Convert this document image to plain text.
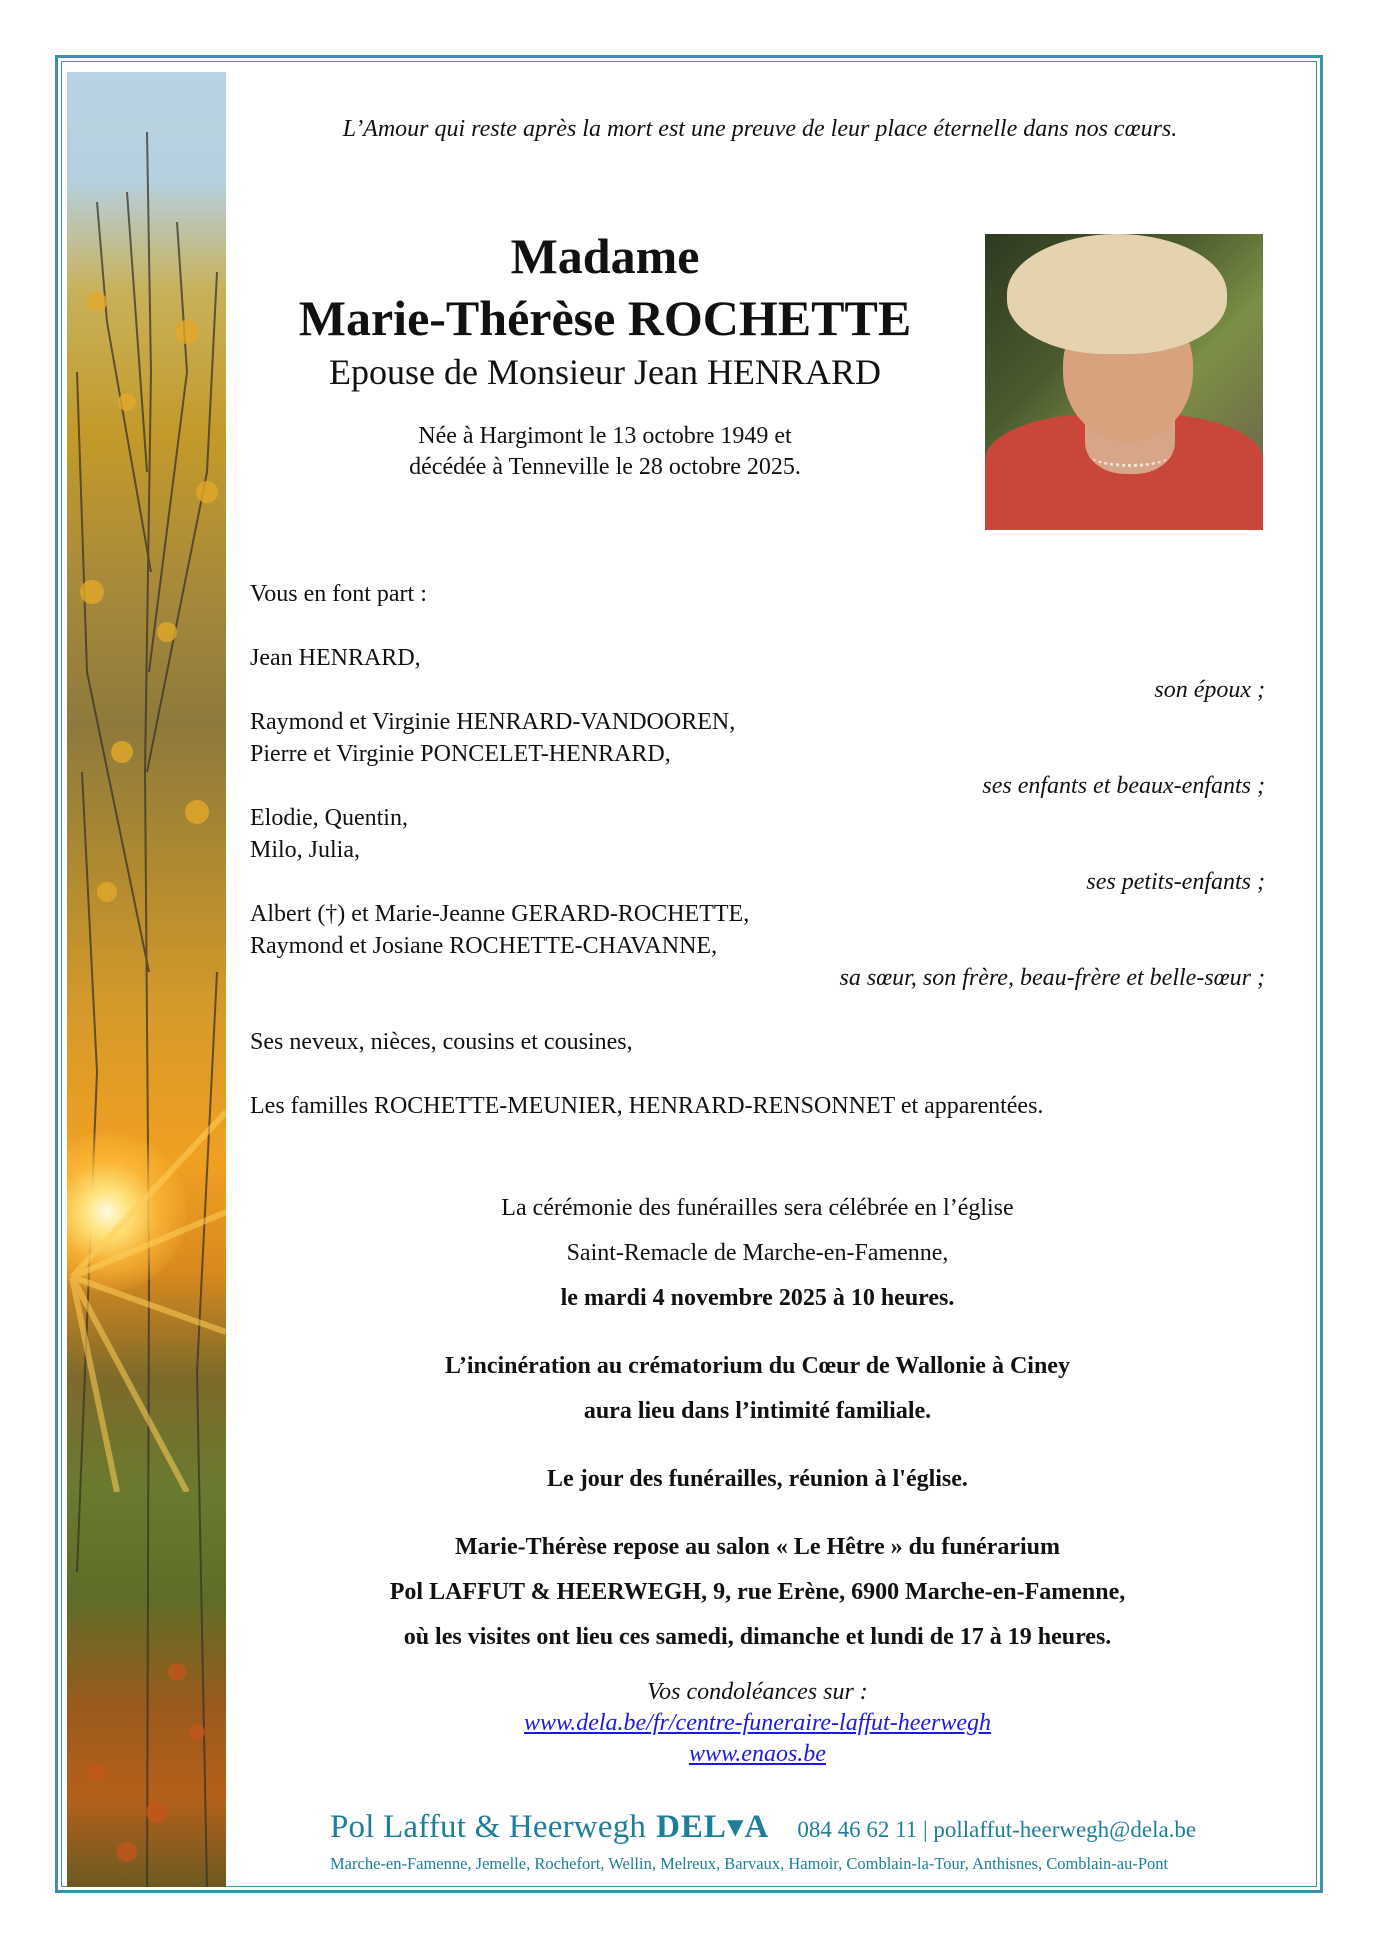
L’Amour qui reste après la mort est une preuve de leur place éternelle dans nos cœurs.
Madame
Marie-Thérèse ROCHETTE
Epouse de Monsieur Jean HENRARD
Née à Hargimont le 13 octobre 1949 et
décédée à Tenneville le 28 octobre 2025.
Vous en font part :
Jean HENRARD,
son époux ;
Raymond et Virginie HENRARD-VANDOOREN,
Pierre et Virginie PONCELET-HENRARD,
ses enfants et beaux-enfants ;
Elodie, Quentin,
Milo, Julia,
ses petits-enfants ;
Albert (†) et Marie-Jeanne GERARD-ROCHETTE,
Raymond et Josiane ROCHETTE-CHAVANNE,
sa sœur, son frère, beau-frère et belle-sœur ;
Ses neveux, nièces, cousins et cousines,
Les familles ROCHETTE-MEUNIER, HENRARD-RENSONNET et apparentées.
La cérémonie des funérailles sera célébrée en l’église
Saint-Remacle de Marche-en-Famenne,
le mardi 4 novembre 2025 à 10 heures.
L’incinération au crématorium du Cœur de Wallonie à Ciney
aura lieu dans l’intimité familiale.
Le jour des funérailles, réunion à l'église.
Marie-Thérèse repose au salon « Le Hêtre » du funérarium
Pol LAFFUT & HEERWEGH, 9, rue Erène, 6900 Marche-en-Famenne,
où les visites ont lieu ces samedi, dimanche et lundi de 17 à 19 heures.
Vos condoléances sur :
www.dela.be/fr/centre-funeraire-laffut-heerwegh
www.enaos.be
Pol Laffut & Heerwegh DEL▾A 084 46 62 11 | pollaffut-heerwegh@dela.be
Marche-en-Famenne, Jemelle, Rochefort, Wellin, Melreux, Barvaux, Hamoir, Comblain-la-Tour, Anthisnes, Comblain-au-Pont
